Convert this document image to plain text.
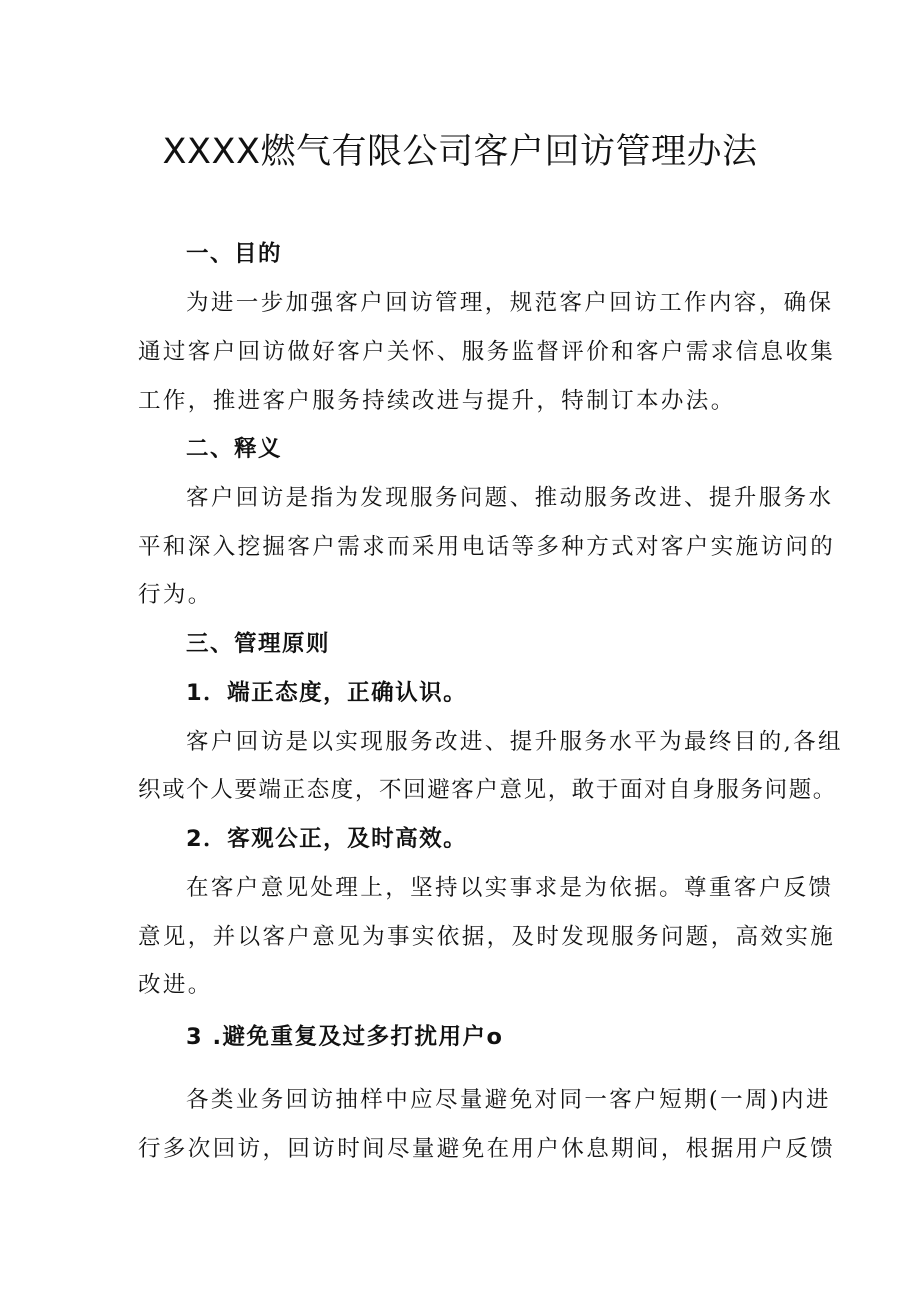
XXXX燃气有限公司客户回访管理办法
一、目的
为进一步加强客户回访管理，规范客户回访工作内容，确保
通过客户回访做好客户关怀、服务监督评价和客户需求信息收集
工作，推进客户服务持续改进与提升，特制订本办法。
二、释义
客户回访是指为发现服务问题、推动服务改进、提升服务水
平和深入挖掘客户需求而采用电话等多种方式对客户实施访问的
行为。
三、管理原则
1．端正态度，正确认识。
客户回访是以实现服务改进、提升服务水平为最终目的,各组
织或个人要端正态度，不回避客户意见，敢于面对自身服务问题。
2．客观公正，及时高效。
在客户意见处理上，坚持以实事求是为依据。尊重客户反馈
意见，并以客户意见为事实依据，及时发现服务问题，高效实施
改进。
3 .避免重复及过多打扰用户o
各类业务回访抽样中应尽量避免对同一客户短期(一周)内进
行多次回访，回访时间尽量避免在用户休息期间，根据用户反馈
